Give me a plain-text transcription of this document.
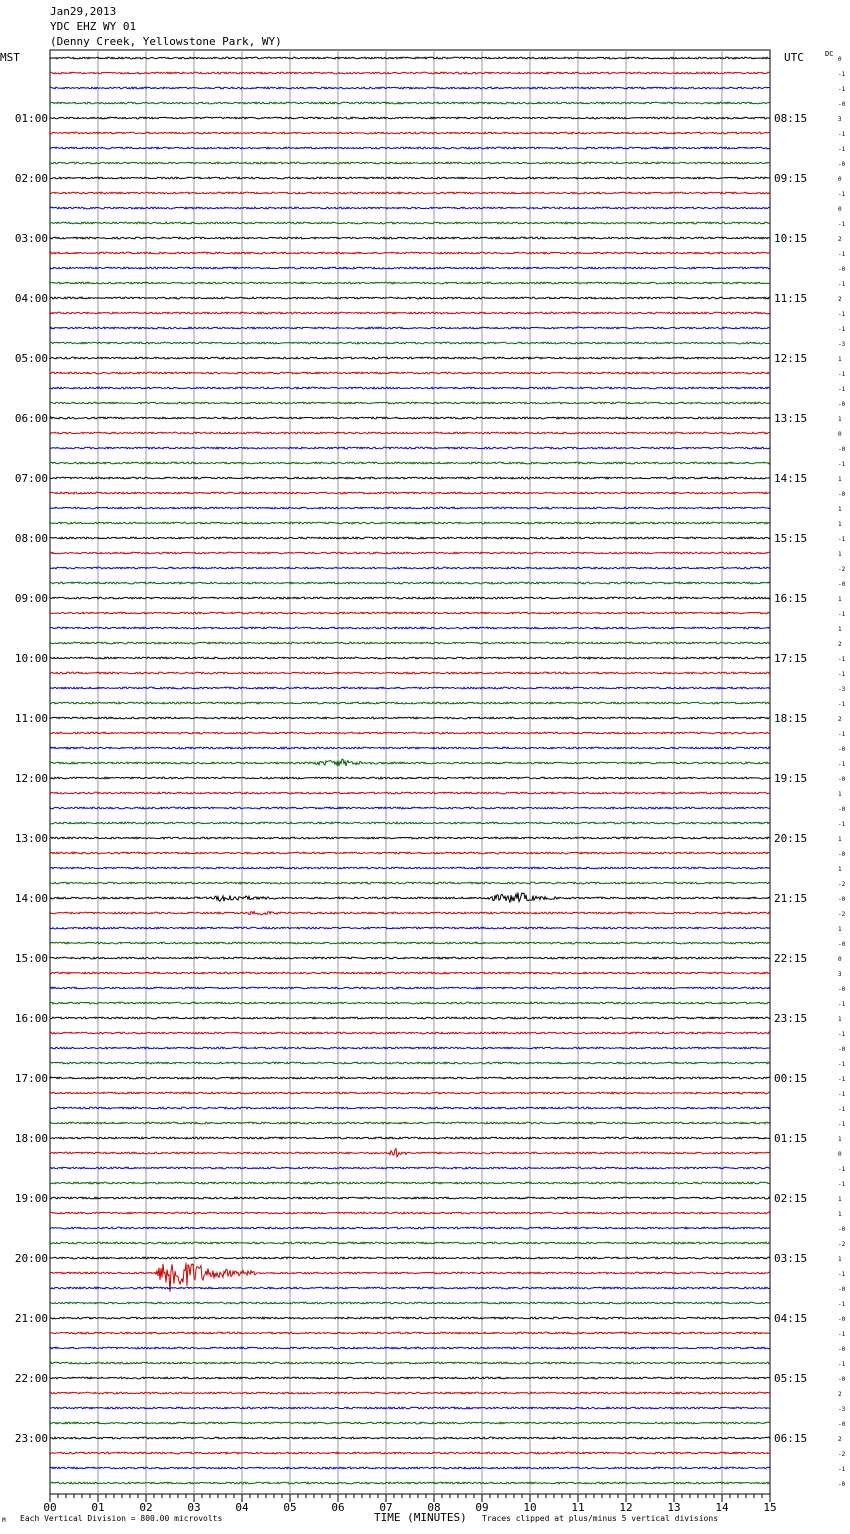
Jan29,2013
YDC EHZ WY 01
(Denny Creek, Yellowstone Park, WY)
0
-1
-1
-0
3
01:00	08:15
-1
-1
-0
0
02:00	09:15
-1
0
-1
2
03:00	10:15
-1
-0
-1
2
04:00	11:15
-1
-1
-3
1
05:00	12:15
-1
-1
-0
1
06:00	13:15
0
-0
-1
1
07:00	14:15
-0
1
1
-1
08:00	15:15
1
-2
-0
1
09:00	16:15
-1
1
2
-1
10:00	17:15
-1
-3
-1
2
11:00	18:15
-1
-0
-1
-0
12:00	19:15
1
-0
-1
1
13:00	20:15
-0
1
-2
-0
14:00	21:15
-2
1
-0
0
15:00	22:15
3
-0
-1
1
16:00	23:15
-1
-0
-1
-1
17:00	00:15
-1
-1
-1
1
18:00	01:15
0
-1
-1
1
19:00	02:15
1
-0
-2
1
20:00	03:15
-1
-0
-1
-0
21:00	04:15
-1
-0
-1
-0
22:00	05:15
2
-3
-0
2
23:00	06:15
-2
-1
-0
MST	UTC	DC
00	01	02	03	04	05	06	07	08	09	10	11	12	13	14	15
M Each Vertical Division = 800.00 microvolts	TIME (MINUTES) Traces clipped at plus/minus 5 vertical divisions
